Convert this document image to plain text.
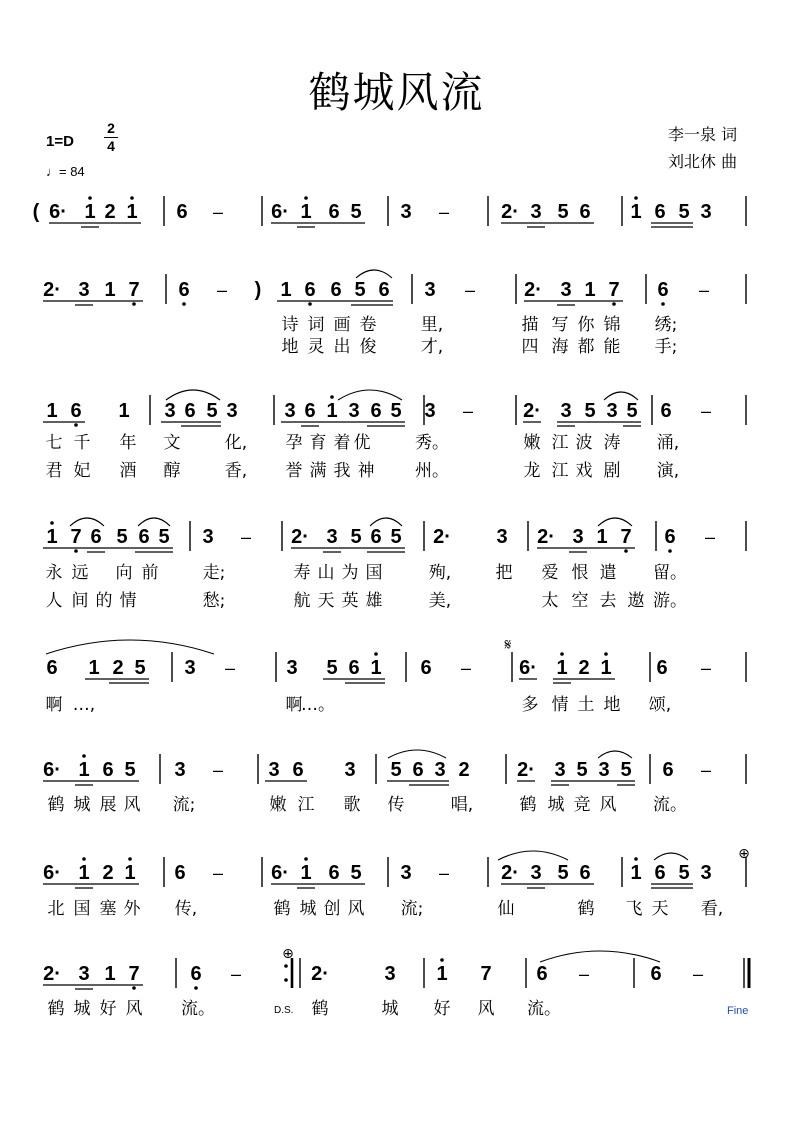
鹤城风流
1=D
2
4
♩= 84
李一泉 词
刘北休 曲
Fine
D.S.
( 6· 1 2 1 6 – 6· 1 6 5 3 –	2· 3 5 6 1 6 5 3
2· 3 1 7 6 – ) 1 6 6 5 6 3 – 2· 3 1 7 6 –
1 6 1 3 6 5 3 3 6 1 3 6 5 3 –	2· 3 5 3 5 6 –
1 7 6 5 6 5 3 – 2· 3 5 6 5 2· 3 2· 3 1 7 6 –
6 1 2 5 3 –	3 5 6 1 6 – 6· 1 2 1 6 –
6· 1 6 5 3 – 3 6 3 5 6 3 2 2· 3 5 3 5 6 –
6· 1 2 1 6 – 6· 1 6 5 3 –	2· 3 5 6 1 6 5 3
2· 3 1 7	6 –	2·	3 1 7 6 –	6 –
𝄋
⊕
⊕
诗 词 画 卷	里,	描 写 你 锦 绣;
地 灵 出 俊	才,	四 海 都 能 手;
七 千 年 文	化, 孕 育 着 优	秀。	嫩 江 波 涛 涌,
君 妃 酒 醇	香, 誉 满 我 神 州。	龙 江 戏 剧 演,
永 远 向 前	走;	寿 山 为 国	殉,	把 爱 恨 遣 留。
人 间 的 情	愁;	航 天 英 雄	美,	太 空 去 遨 游。
啊 …,	啊
…。	多 情 土 地 颂,
鹤 城 展 风 流;	嫩 江 歌 传	唱,	鹤 城 竞 风 流。
北 国 塞 外 传,	鹤 城 创 风 流;	仙	鹤 飞 天 看,
鹤 城 好 风 流。	鹤	城 好 风 流。
